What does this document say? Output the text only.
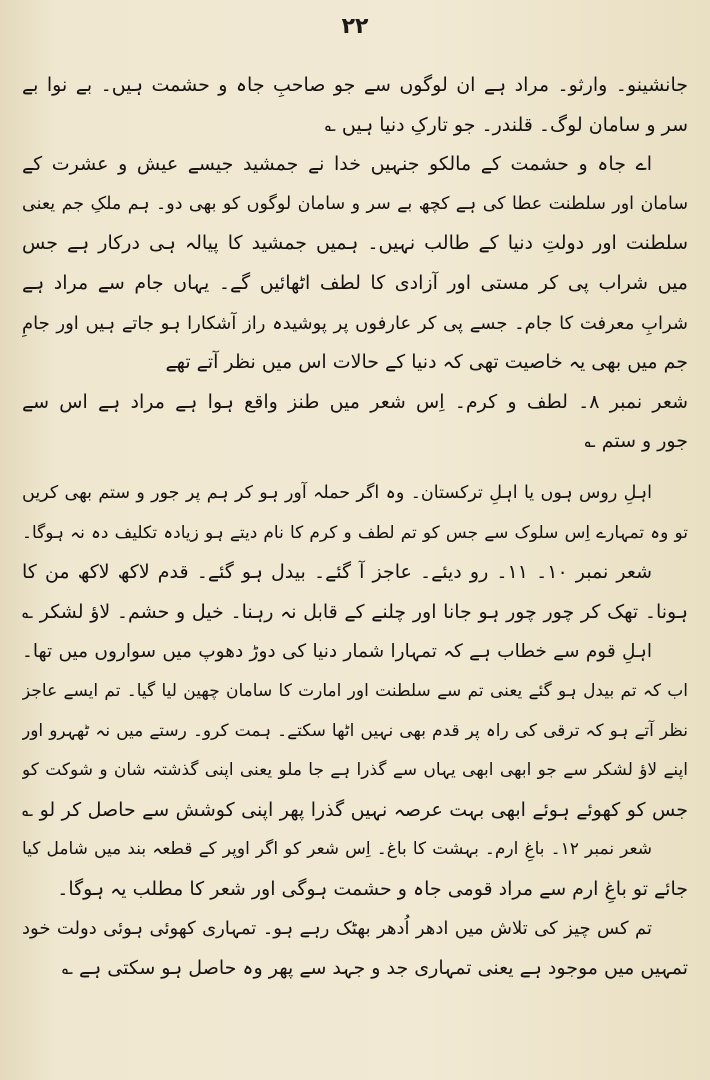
۲۲
جانشینو۔ وارثو۔ مراد ہے ان لوگوں سے جو صاحبِ جاہ و حشمت ہیں۔ بے نوا بے
سر و سامان لوگ۔ قلندر۔ جو تارکِ دنیا ہیں ؎
اے جاہ و حشمت کے مالکو جنہیں خدا نے جمشید جیسے عیش و عشرت کے
سامان اور سلطنت عطا کی ہے کچھ بے سر و سامان لوگوں کو بھی دو۔ ہم ملکِ جم یعنی
سلطنت اور دولتِ دنیا کے طالب نہیں۔ ہمیں جمشید کا پیالہ ہی درکار ہے جس
میں شراب پی کر مستی اور آزادی کا لطف اٹھائیں گے۔ یہاں جام سے مراد ہے
شرابِ معرفت کا جام۔ جسے پی کر عارفوں پر پوشیدہ راز آشکارا ہو جاتے ہیں اور جامِ
جم میں بھی یہ خاصیت تھی کہ دنیا کے حالات اس میں نظر آتے تھے
شعر نمبر ۸۔ لطف و کرم۔ اِس شعر میں طنز واقع ہوا ہے مراد ہے اس سے
جور و ستم ؎
اہلِ روس ہوں یا اہلِ ترکستان۔ وہ اگر حملہ آور ہو کر ہم پر جور و ستم بھی کریں
تو وہ تمہارے اِس سلوک سے جس کو تم لطف و کرم کا نام دیتے ہو زیادہ تکلیف دہ نہ ہوگا۔
شعر نمبر ۱۰۔ ۱۱۔ رو دیئے۔ عاجز آ گئے۔ بیدل ہو گئے۔ قدم لاکھ لاکھ من کا
ہونا۔ تھک کر چور چور ہو جانا اور چلنے کے قابل نہ رہنا۔ خیل و حشم۔ لاؤ لشکر ؎
اہلِ قوم سے خطاب ہے کہ تمہارا شمار دنیا کی دوڑ دھوپ میں سواروں میں تھا۔
اب کہ تم بیدل ہو گئے یعنی تم سے سلطنت اور امارت کا سامان چھین لیا گیا۔ تم ایسے عاجز
نظر آتے ہو کہ ترقی کی راہ پر قدم بھی نہیں اٹھا سکتے۔ ہمت کرو۔ رستے میں نہ ٹھہرو اور
اپنے لاؤ لشکر سے جو ابھی ابھی یہاں سے گذرا ہے جا ملو یعنی اپنی گذشتہ شان و شوکت کو
جس کو کھوئے ہوئے ابھی بہت عرصہ نہیں گذرا پھر اپنی کوشش سے حاصل کر لو ؎
شعر نمبر ۱۲۔ باغِ ارم۔ بہشت کا باغ۔ اِس شعر کو اگر اوپر کے قطعہ بند میں شامل کیا
جائے تو باغِ ارم سے مراد قومی جاہ و حشمت ہوگی اور شعر کا مطلب یہ ہوگا۔
تم کس چیز کی تلاش میں ادھر اُدھر بھٹک رہے ہو۔ تمہاری کھوئی ہوئی دولت خود
تمہیں میں موجود ہے یعنی تمہاری جد و جہد سے پھر وہ حاصل ہو سکتی ہے ؎
